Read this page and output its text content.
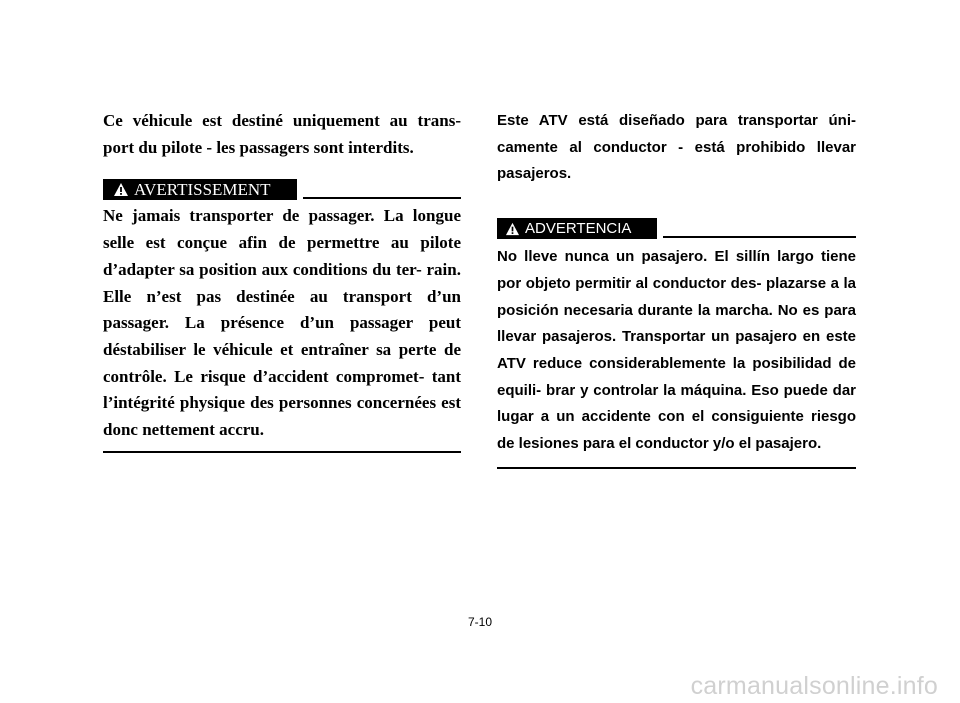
Ce véhicule est destiné uniquement au trans- port du pilote - les passagers sont interdits.

AVERTISSEMENT

Ne jamais transporter de passager. La longue selle est conçue afin de permettre au pilote d’adapter sa position aux conditions du ter- rain. Elle n’est pas destinée au transport d’un passager. La présence d’un passager peut déstabiliser le véhicule et entraîner sa perte de contrôle. Le risque d’accident compromet- tant l’intégrité physique des personnes concernées est donc nettement accru.

Este ATV está diseñado para transportar úni- camente al conductor - está prohibido llevar pasajeros.

ADVERTENCIA

No lleve nunca un pasajero. El sillín largo tiene por objeto permitir al conductor des- plazarse a la posición necesaria durante la marcha. No es para llevar pasajeros. Transportar un pasajero en este ATV reduce considerablemente la posibilidad de equili- brar y controlar la máquina. Eso puede dar lugar a un accidente con el consiguiente riesgo de lesiones para el conductor y/o el pasajero.

7-10
carmanualsonline.info
